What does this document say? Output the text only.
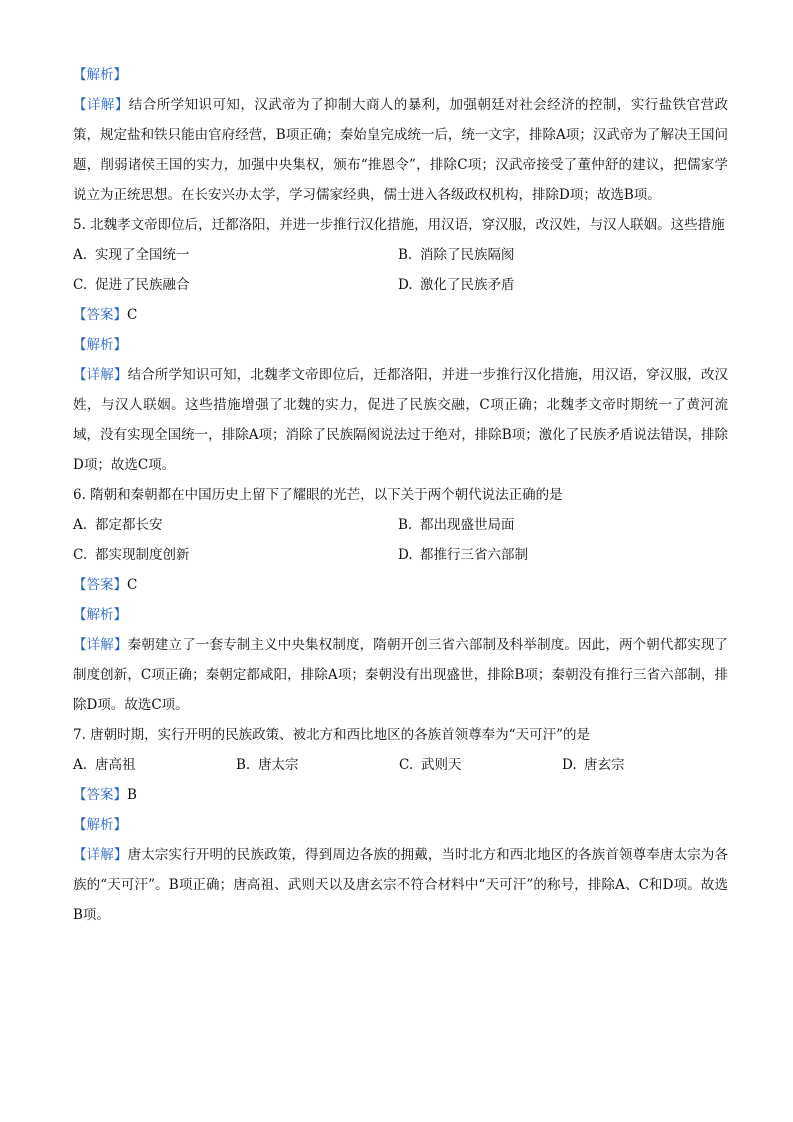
【解析】

【详解】结合所学知识可知，汉武帝为了抑制大商人的暴利，加强朝廷对社会经济的控制，实行盐铁官营政策，规定盐和铁只能由官府经营，B项正确；秦始皇完成统一后，统一文字，排除A项；汉武帝为了解决王国问题，削弱诸侯王国的实力，加强中央集权，颁布“推恩令”，排除C项；汉武帝接受了董仲舒的建议，把儒家学说立为正统思想。在长安兴办太学，学习儒家经典，儒士进入各级政权机构，排除D项；故选B项。

5. 北魏孝文帝即位后，迁都洛阳，并进一步推行汉化措施，用汉语，穿汉服，改汉姓，与汉人联姻。这些措施

A. 实现了全国统一	B. 消除了民族隔阂
C. 促进了民族融合	D. 激化了民族矛盾
【答案】C
【解析】

【详解】结合所学知识可知，北魏孝文帝即位后，迁都洛阳，并进一步推行汉化措施，用汉语，穿汉服，改汉姓，与汉人联姻。这些措施增强了北魏的实力，促进了民族交融，C项正确；北魏孝文帝时期统一了黄河流域，没有实现全国统一，排除A项；消除了民族隔阂说法过于绝对，排除B项；激化了民族矛盾说法错误，排除D项；故选C项。

6. 隋朝和秦朝都在中国历史上留下了耀眼的光芒，以下关于两个朝代说法正确的是

A. 都定都长安	B. 都出现盛世局面
C. 都实现制度创新	D. 都推行三省六部制
【答案】C
【解析】

【详解】秦朝建立了一套专制主义中央集权制度，隋朝开创三省六部制及科举制度。因此，两个朝代都实现了制度创新，C项正确；秦朝定都咸阳，排除A项；秦朝没有出现盛世，排除B项；秦朝没有推行三省六部制，排除D项。故选C项。

7. 唐朝时期，实行开明的民族政策、被北方和西比地区的各族首领尊奉为“天可汗”的是

A. 唐高祖	B. 唐太宗	C. 武则天	D. 唐玄宗
【答案】B
【解析】

【详解】唐太宗实行开明的民族政策，得到周边各族的拥戴，当时北方和西北地区的各族首领尊奉唐太宗为各族的“天可汗”。B项正确；唐高祖、武则天以及唐玄宗不符合材料中“天可汗”的称号，排除A、C和D项。故选B项。
